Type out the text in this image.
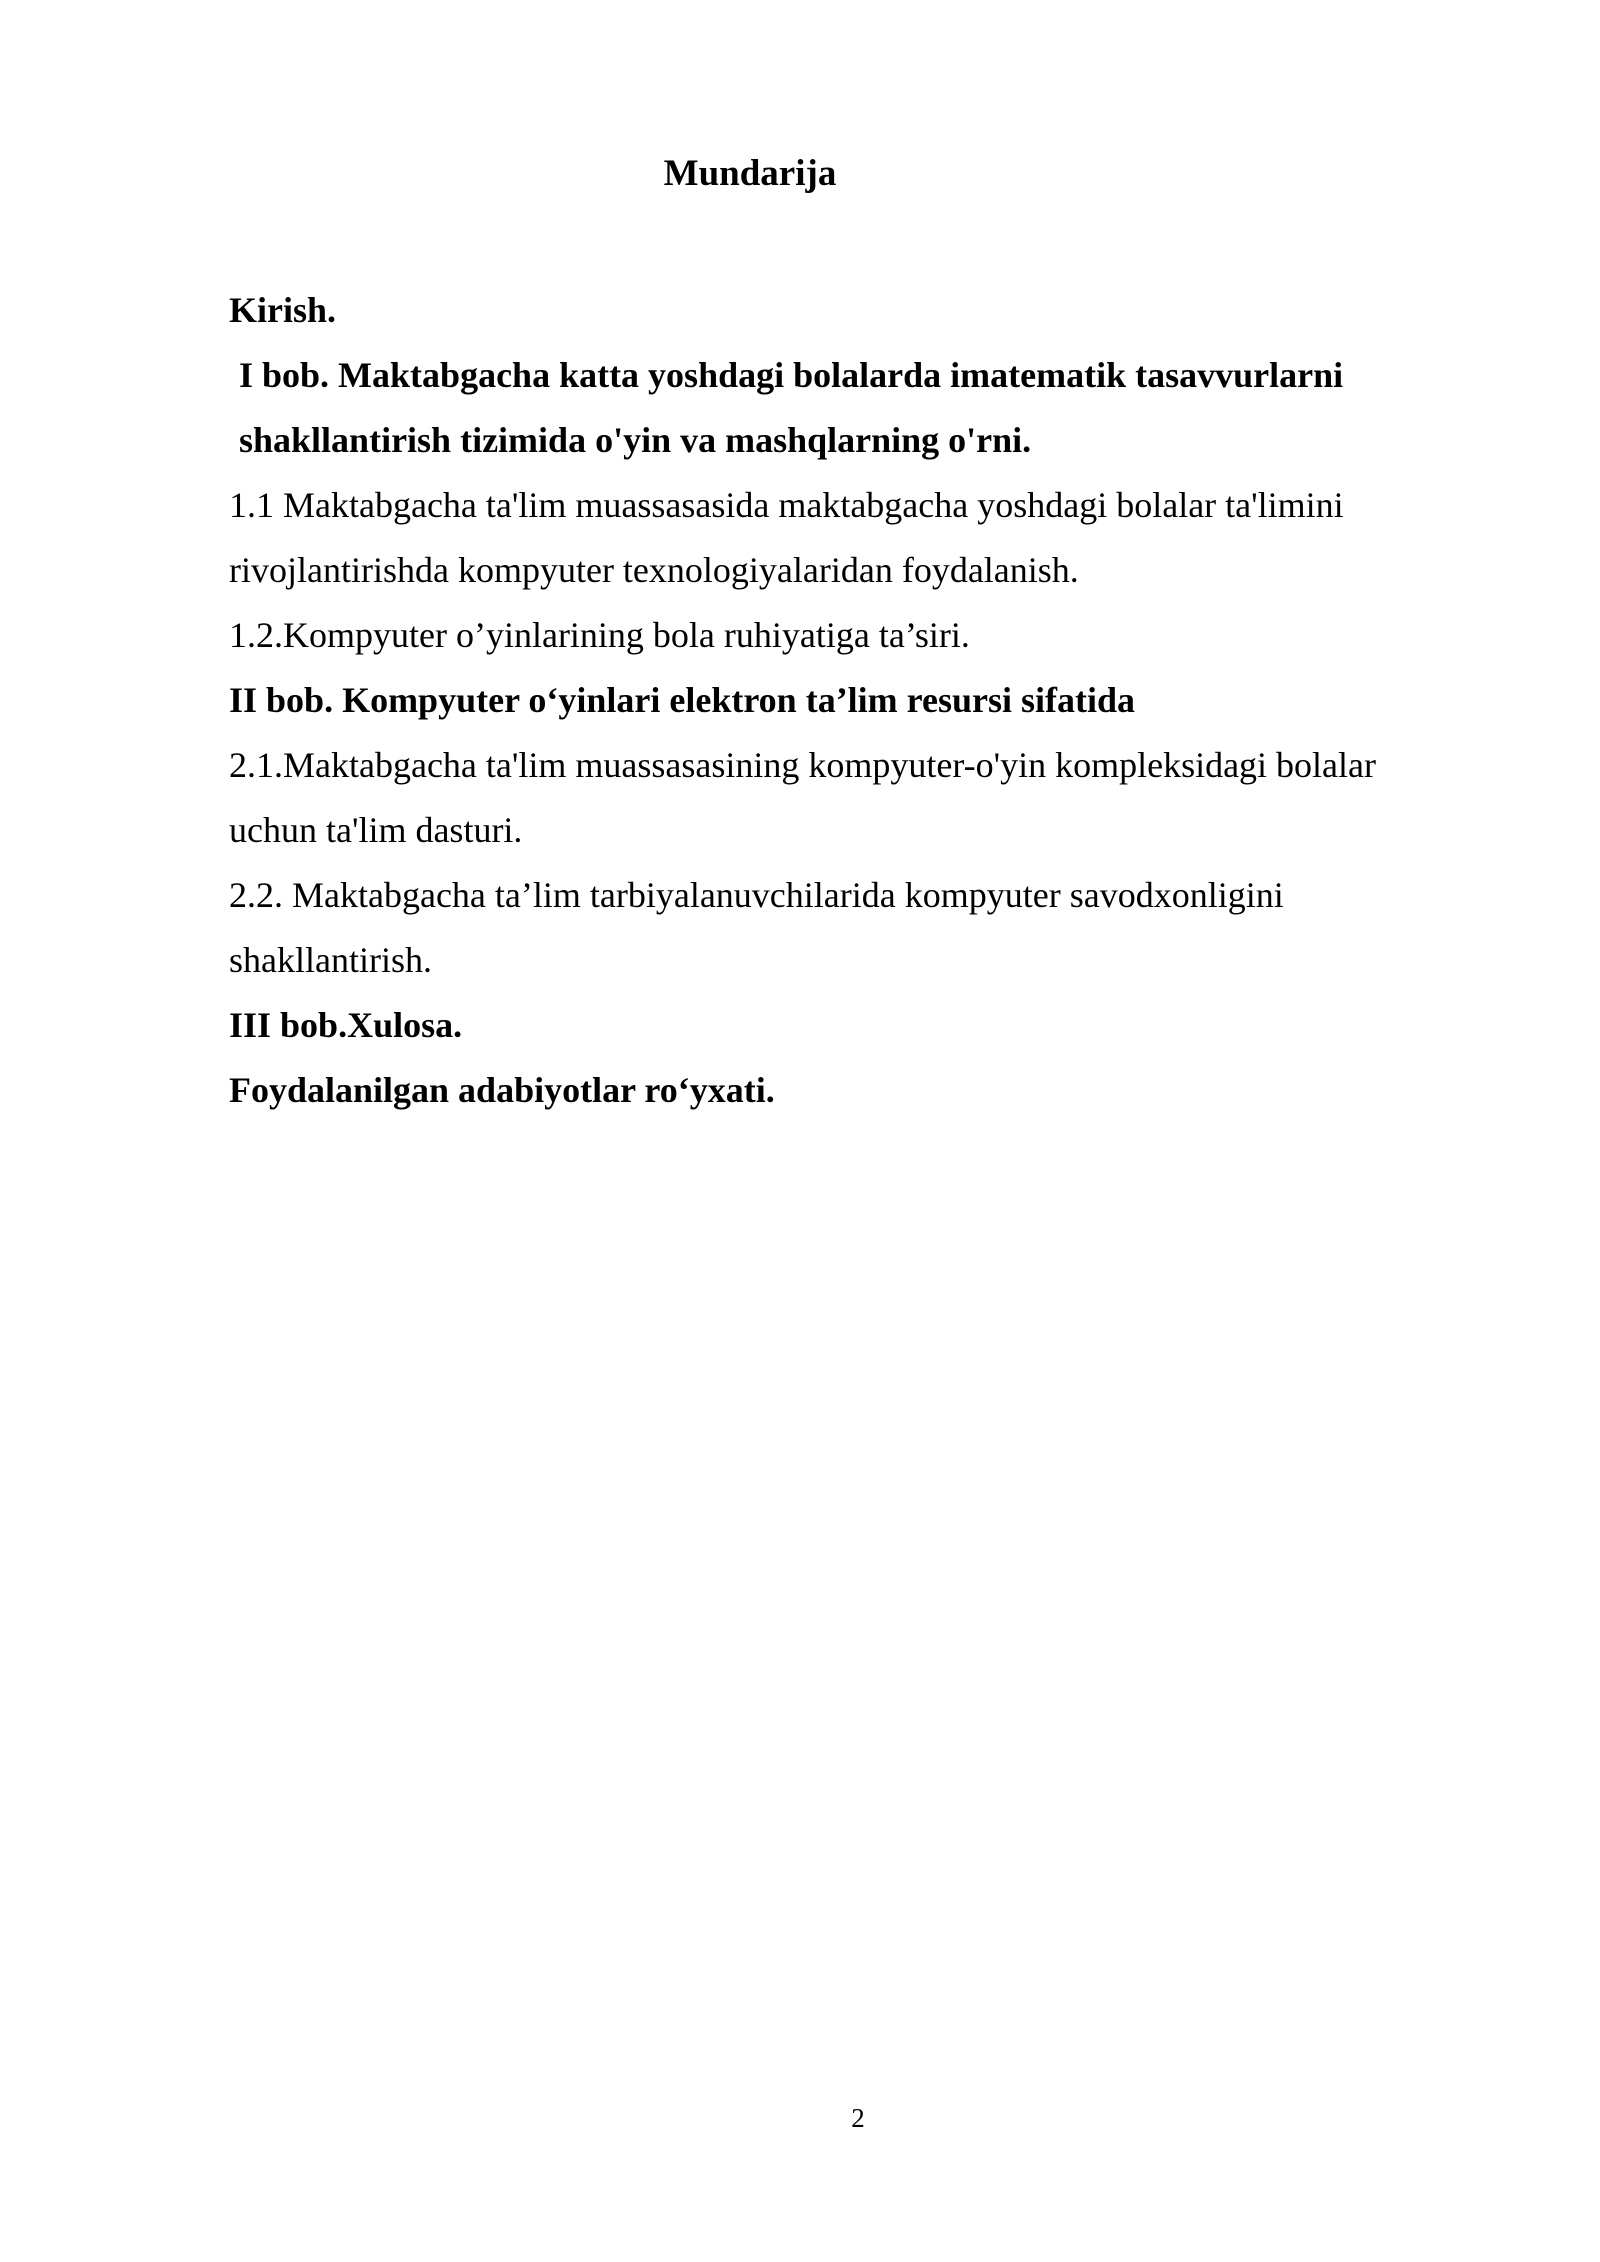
Mundarija
Kirish.
I bob. Maktabgacha katta yoshdagi bolalarda imatematik tasavvurlarni shakllantirish tizimida o'yin va mashqlarning o'rni.
1.1 Maktabgacha ta'lim muassasasida maktabgacha yoshdagi bolalar ta'limini rivojlantirishda kompyuter texnologiyalaridan foydalanish.
1.2.Kompyuter o’yinlarining bola ruhiyatiga ta’siri.
II bob. Kompyuter o‘yinlari elektron ta’lim resursi sifatida
2.1.Maktabgacha ta'lim muassasasining kompyuter-o'yin kompleksidagi bolalar uchun ta'lim dasturi.
2.2. Maktabgacha ta’lim tarbiyalanuvchilarida kompyuter savodxonligini shakllantirish.
III bob.Xulosa.
Foydalanilgan adabiyotlar ro‘yxati.
2
